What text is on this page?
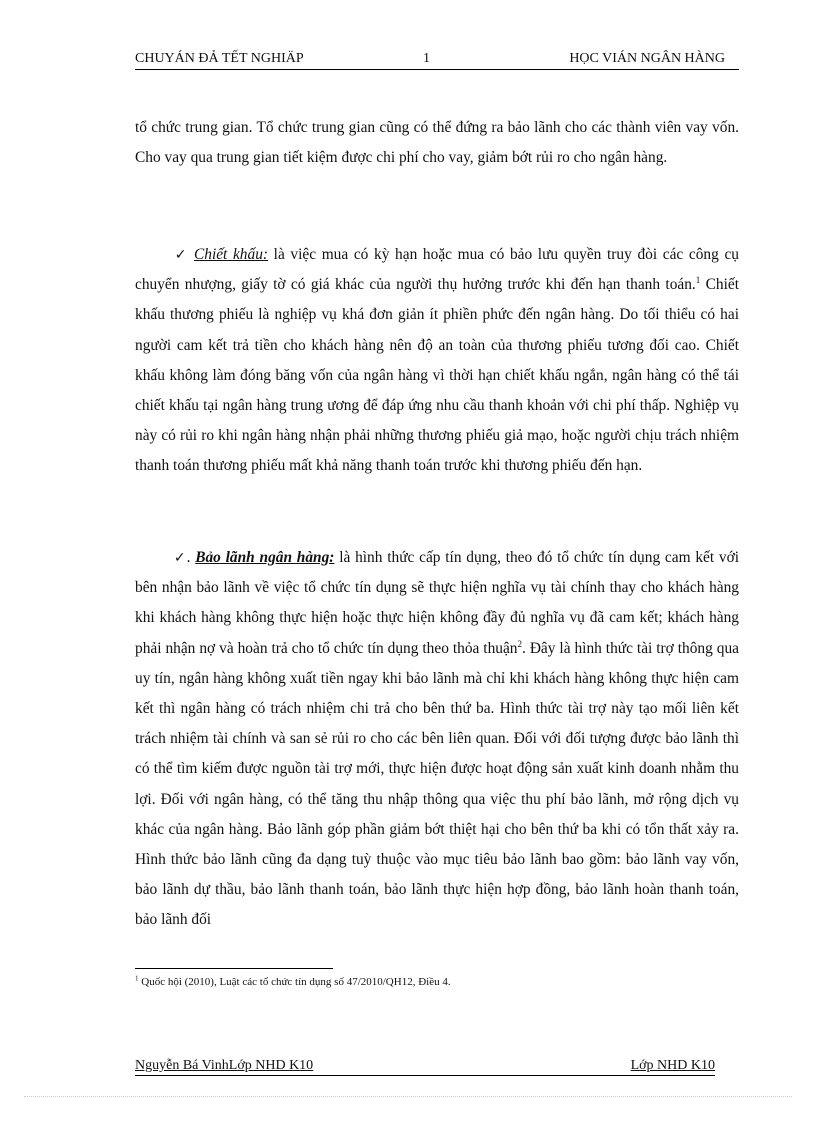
CHUYÁN ĐẢ TẾT NGHIÄP	1	HỌC VIÁN NGÂN HÀNG
tổ chức trung gian. Tổ chức trung gian cũng có thể đứng ra bảo lãnh cho các thành viên vay vốn. Cho vay qua trung gian tiết kiệm được chi phí cho vay, giảm bớt rủi ro cho ngân hàng.
✓ Chiết khấu: là việc mua có kỳ hạn hoặc mua có bảo lưu quyền truy đòi các công cụ chuyển nhượng, giấy tờ có giá khác của người thụ hưởng trước khi đến hạn thanh toán.$^1$ Chiết khấu thương phiếu là nghiệp vụ khá đơn giản ít phiền phức đến ngân hàng. Do tối thiểu có hai người cam kết trả tiền cho khách hàng nên độ an toàn của thương phiếu tương đối cao. Chiết khấu không làm đóng băng vốn của ngân hàng vì thời hạn chiết khấu ngắn, ngân hàng có thể tái chiết khấu tại ngân hàng trung ương để đáp ứng nhu cầu thanh khoản với chi phí thấp. Nghiệp vụ này có rủi ro khi ngân hàng nhận phải những thương phiếu giả mạo, hoặc người chịu trách nhiệm thanh toán thương phiếu mất khả năng thanh toán trước khi thương phiếu đến hạn.
✓. Bảo lãnh ngân hàng: là hình thức cấp tín dụng, theo đó tổ chức tín dụng cam kết với bên nhận bảo lãnh về việc tổ chức tín dụng sẽ thực hiện nghĩa vụ tài chính thay cho khách hàng khi khách hàng không thực hiện hoặc thực hiện không đầy đủ nghĩa vụ đã cam kết; khách hàng phải nhận nợ và hoàn trả cho tổ chức tín dụng theo thỏa thuận$^2$. Đây là hình thức tài trợ thông qua uy tín, ngân hàng không xuất tiền ngay khi bảo lãnh mà chỉ khi khách hàng không thực hiện cam kết thì ngân hàng có trách nhiệm chi trả cho bên thứ ba. Hình thức tài trợ này tạo mối liên kết trách nhiệm tài chính và san sẻ rủi ro cho các bên liên quan. Đối với đối tượng được bảo lãnh thì có thể tìm kiếm được nguồn tài trợ mới, thực hiện được hoạt động sản xuất kinh doanh nhằm thu lợi. Đối với ngân hàng, có thể tăng thu nhập thông qua việc thu phí bảo lãnh, mở rộng dịch vụ khác của ngân hàng. Bảo lãnh góp phần giảm bớt thiệt hại cho bên thứ ba khi có tổn thất xảy ra. Hình thức bảo lãnh cũng đa dạng tuỳ thuộc vào mục tiêu bảo lãnh bao gồm: bảo lãnh vay vốn, bảo lãnh dự thầu, bảo lãnh thanh toán, bảo lãnh thực hiện hợp đồng, bảo lãnh hoàn thanh toán, bảo lãnh đối
$^1$ Quốc hội (2010), Luật các tổ chức tín dụng số 47/2010/QH12, Điều 4.
Nguyễn Bá VinhLớp NHD K10	Lớp NHD K10
